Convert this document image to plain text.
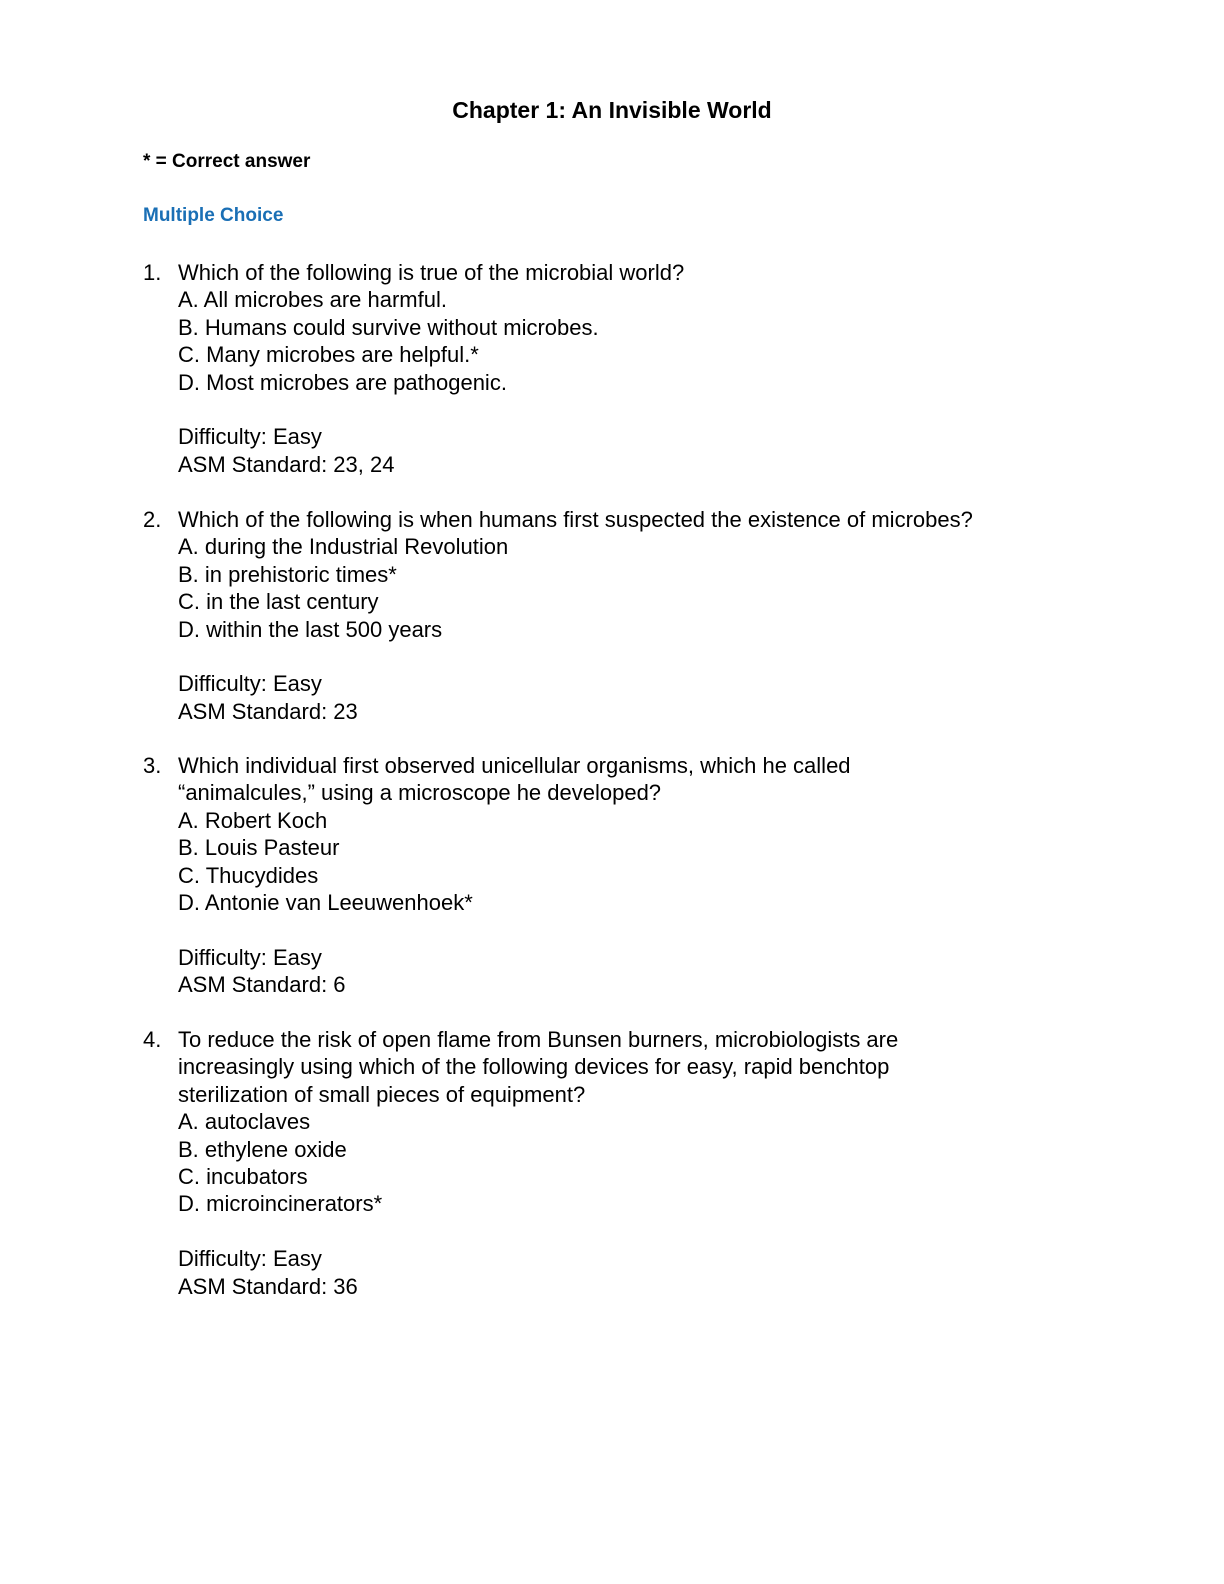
Chapter 1: An Invisible World
* = Correct answer
Multiple Choice
1. Which of the following is true of the microbial world?
A. All microbes are harmful.
B. Humans could survive without microbes.
C. Many microbes are helpful.*
D. Most microbes are pathogenic.
Difficulty: Easy
ASM Standard: 23, 24
2. Which of the following is when humans first suspected the existence of microbes?
A. during the Industrial Revolution
B. in prehistoric times*
C. in the last century
D. within the last 500 years
Difficulty: Easy
ASM Standard: 23
3. Which individual first observed unicellular organisms, which he called
“animalcules,” using a microscope he developed?
A. Robert Koch
B. Louis Pasteur
C. Thucydides
D. Antonie van Leeuwenhoek*
Difficulty: Easy
ASM Standard: 6
4. To reduce the risk of open flame from Bunsen burners, microbiologists are
increasingly using which of the following devices for easy, rapid benchtop
sterilization of small pieces of equipment?
A. autoclaves
B. ethylene oxide
C. incubators
D. microincinerators*
Difficulty: Easy
ASM Standard: 36
